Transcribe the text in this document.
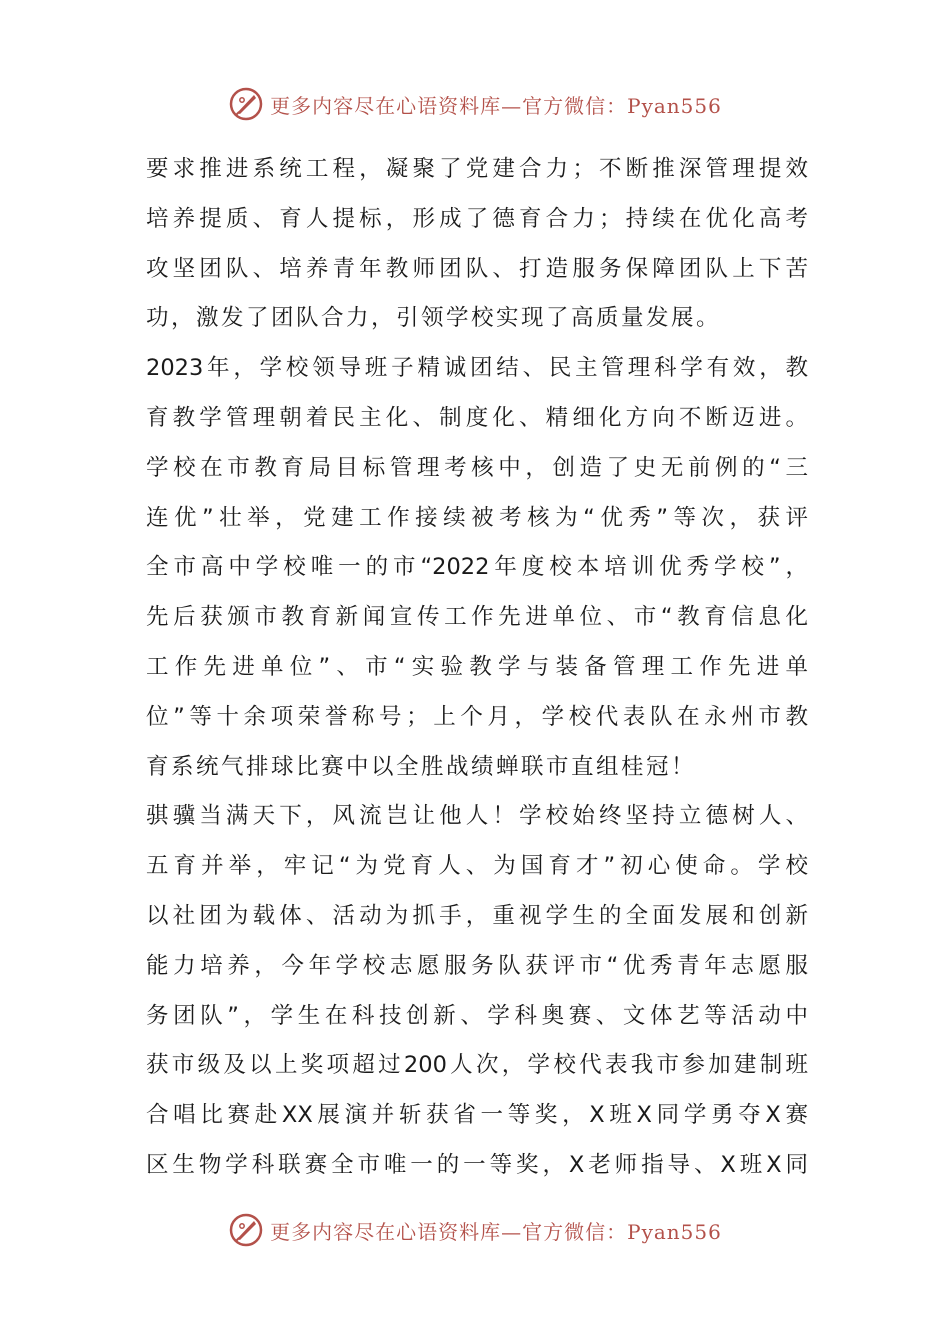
更多内容尽在心语资料库—官方微信：Pyan556
要求推进系统工程，凝聚了党建合力；不断推深管理提效
培养提质、育人提标，形成了德育合力；持续在优化高考
攻坚团队、培养青年教师团队、打造服务保障团队上下苦
功，激发了团队合力，引领学校实现了高质量发展。
2023年，学校领导班子精诚团结、民主管理科学有效，教
育教学管理朝着民主化、制度化、精细化方向不断迈进。
学校在市教育局目标管理考核中，创造了史无前例的“三
连优”壮举，党建工作接续被考核为“优秀”等次，获评
全市高中学校唯一的市“2022年度校本培训优秀学校”，
先后获颁市教育新闻宣传工作先进单位、市“教育信息化
工作先进单位”、市“实验教学与装备管理工作先进单
位”等十余项荣誉称号；上个月，学校代表队在永州市教
育系统气排球比赛中以全胜战绩蝉联市直组桂冠！
骐骥当满天下，风流岂让他人！学校始终坚持立德树人、
五育并举，牢记“为党育人、为国育才”初心使命。学校
以社团为载体、活动为抓手，重视学生的全面发展和创新
能力培养，今年学校志愿服务队获评市“优秀青年志愿服
务团队”，学生在科技创新、学科奥赛、文体艺等活动中
获市级及以上奖项超过200人次，学校代表我市参加建制班
合唱比赛赴XX展演并斩获省一等奖，X班X同学勇夺X赛
区生物学科联赛全市唯一的一等奖，X老师指导、X班X同
更多内容尽在心语资料库—官方微信：Pyan556
